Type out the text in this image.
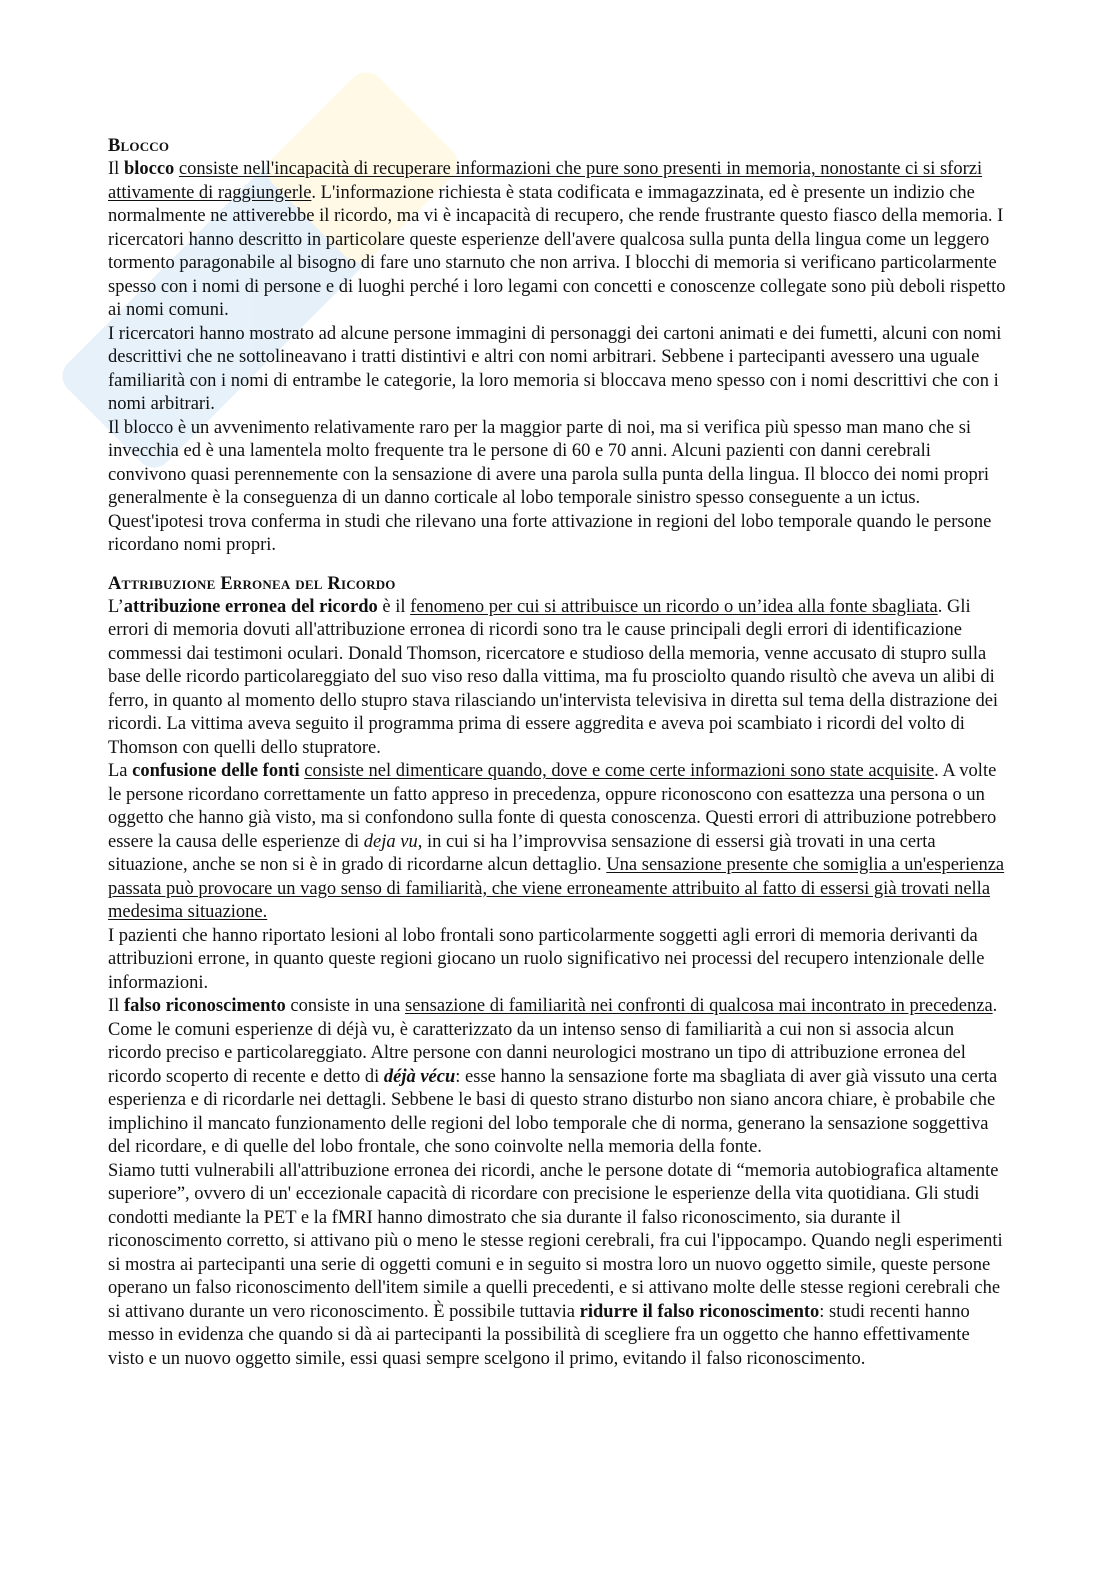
Blocco

Il blocco consiste nell'incapacità di recuperare informazioni che pure sono presenti in memoria, nonostante ci si sforzi attivamente di raggiungerle. L'informazione richiesta è stata codificata e immagazzinata, ed è presente un indizio che normalmente ne attiverebbe il ricordo, ma vi è incapacità di recupero, che rende frustrante questo fiasco della memoria. I ricercatori hanno descritto in particolare queste esperienze dell'avere qualcosa sulla punta della lingua come un leggero tormento paragonabile al bisogno di fare uno starnuto che non arriva. I blocchi di memoria si verificano particolarmente spesso con i nomi di persone e di luoghi perché i loro legami con concetti e conoscenze collegate sono più deboli rispetto ai nomi comuni.

I ricercatori hanno mostrato ad alcune persone immagini di personaggi dei cartoni animati e dei fumetti, alcuni con nomi descrittivi che ne sottolineavano i tratti distintivi e altri con nomi arbitrari. Sebbene i partecipanti avessero una uguale familiarità con i nomi di entrambe le categorie, la loro memoria si bloccava meno spesso con i nomi descrittivi che con i nomi arbitrari.

Il blocco è un avvenimento relativamente raro per la maggior parte di noi, ma si verifica più spesso man mano che si invecchia ed è una lamentela molto frequente tra le persone di 60 e 70 anni. Alcuni pazienti con danni cerebrali convivono quasi perennemente con la sensazione di avere una parola sulla punta della lingua. Il blocco dei nomi propri generalmente è la conseguenza di un danno corticale al lobo temporale sinistro spesso conseguente a un ictus. Quest'ipotesi trova conferma in studi che rilevano una forte attivazione in regioni del lobo temporale quando le persone ricordano nomi propri.

Attribuzione Erronea del Ricordo

L’attribuzione erronea del ricordo è il fenomeno per cui si attribuisce un ricordo o un’idea alla fonte sbagliata. Gli errori di memoria dovuti all'attribuzione erronea di ricordi sono tra le cause principali degli errori di identificazione commessi dai testimoni oculari. Donald Thomson, ricercatore e studioso della memoria, venne accusato di stupro sulla base delle ricordo particolareggiato del suo viso reso dalla vittima, ma fu prosciolto quando risultò che aveva un alibi di ferro, in quanto al momento dello stupro stava rilasciando un'intervista televisiva in diretta sul tema della distrazione dei ricordi. La vittima aveva seguito il programma prima di essere aggredita e aveva poi scambiato i ricordi del volto di Thomson con quelli dello stupratore.

La confusione delle fonti consiste nel dimenticare quando, dove e come certe informazioni sono state acquisite. A volte le persone ricordano correttamente un fatto appreso in precedenza, oppure riconoscono con esattezza una persona o un oggetto che hanno già visto, ma si confondono sulla fonte di questa conoscenza. Questi errori di attribuzione potrebbero essere la causa delle esperienze di deja vu, in cui si ha l’improvvisa sensazione di essersi già trovati in una certa situazione, anche se non si è in grado di ricordarne alcun dettaglio. Una sensazione presente che somiglia a un'esperienza passata può provocare un vago senso di familiarità, che viene erroneamente attribuito al fatto di essersi già trovati nella medesima situazione.

I pazienti che hanno riportato lesioni al lobo frontali sono particolarmente soggetti agli errori di memoria derivanti da attribuzioni errone, in quanto queste regioni giocano un ruolo significativo nei processi del recupero intenzionale delle informazioni.

Il falso riconoscimento consiste in una sensazione di familiarità nei confronti di qualcosa mai incontrato in precedenza. Come le comuni esperienze di déjà vu, è caratterizzato da un intenso senso di familiarità a cui non si associa alcun ricordo preciso e particolareggiato. Altre persone con danni neurologici mostrano un tipo di attribuzione erronea del ricordo scoperto di recente e detto di déjà vécu: esse hanno la sensazione forte ma sbagliata di aver già vissuto una certa esperienza e di ricordarle nei dettagli. Sebbene le basi di questo strano disturbo non siano ancora chiare, è probabile che implichino il mancato funzionamento delle regioni del lobo temporale che di norma, generano la sensazione soggettiva del ricordare, e di quelle del lobo frontale, che sono coinvolte nella memoria della fonte.

Siamo tutti vulnerabili all'attribuzione erronea dei ricordi, anche le persone dotate di “memoria autobiografica altamente superiore”, ovvero di un' eccezionale capacità di ricordare con precisione le esperienze della vita quotidiana. Gli studi condotti mediante la PET e la fMRI hanno dimostrato che sia durante il falso riconoscimento, sia durante il riconoscimento corretto, si attivano più o meno le stesse regioni cerebrali, fra cui l'ippocampo. Quando negli esperimenti si mostra ai partecipanti una serie di oggetti comuni e in seguito si mostra loro un nuovo oggetto simile, queste persone operano un falso riconoscimento dell'item simile a quelli precedenti, e si attivano molte delle stesse regioni cerebrali che si attivano durante un vero riconoscimento. È possibile tuttavia ridurre il falso riconoscimento: studi recenti hanno messo in evidenza che quando si dà ai partecipanti la possibilità di scegliere fra un oggetto che hanno effettivamente visto e un nuovo oggetto simile, essi quasi sempre scelgono il primo, evitando il falso riconoscimento.
